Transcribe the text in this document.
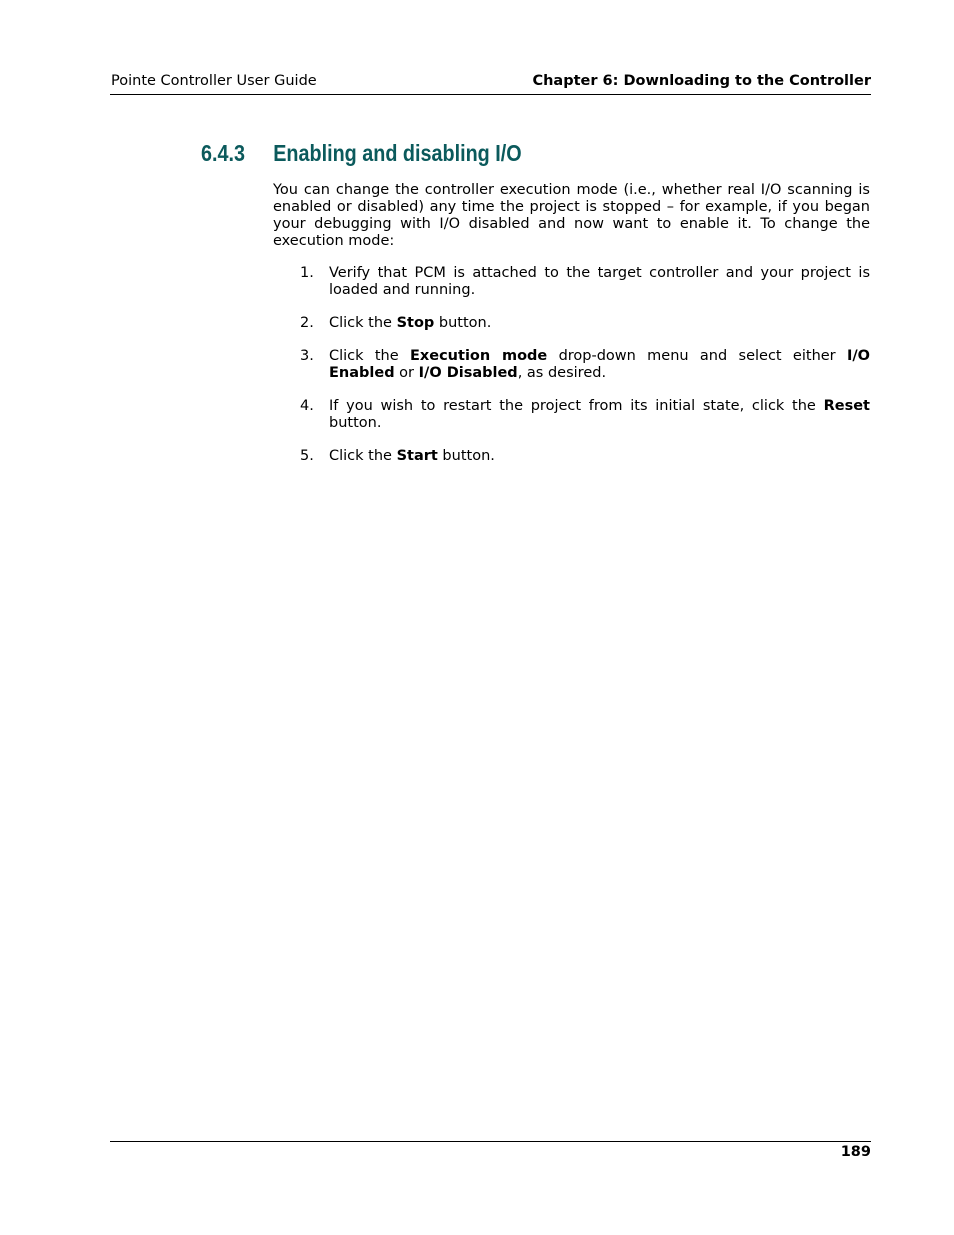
Pointe Controller User Guide	Chapter 6: Downloading to the Controller
6.4.3 Enabling and disabling I/O

You can change the controller execution mode (i.e., whether real I/O scanning is enabled or disabled) any time the project is stopped – for example, if you began your debugging with I/O disabled and now want to enable it. To change the execution mode:

1. Verify that PCM is attached to the target controller and your project is loaded and running.
2. Click the Stop button.
3. Click the Execution mode drop-down menu and select either I/O Enabled or I/O Disabled, as desired.
4. If you wish to restart the project from its initial state, click the Reset button.
5. Click the Start button.
189
